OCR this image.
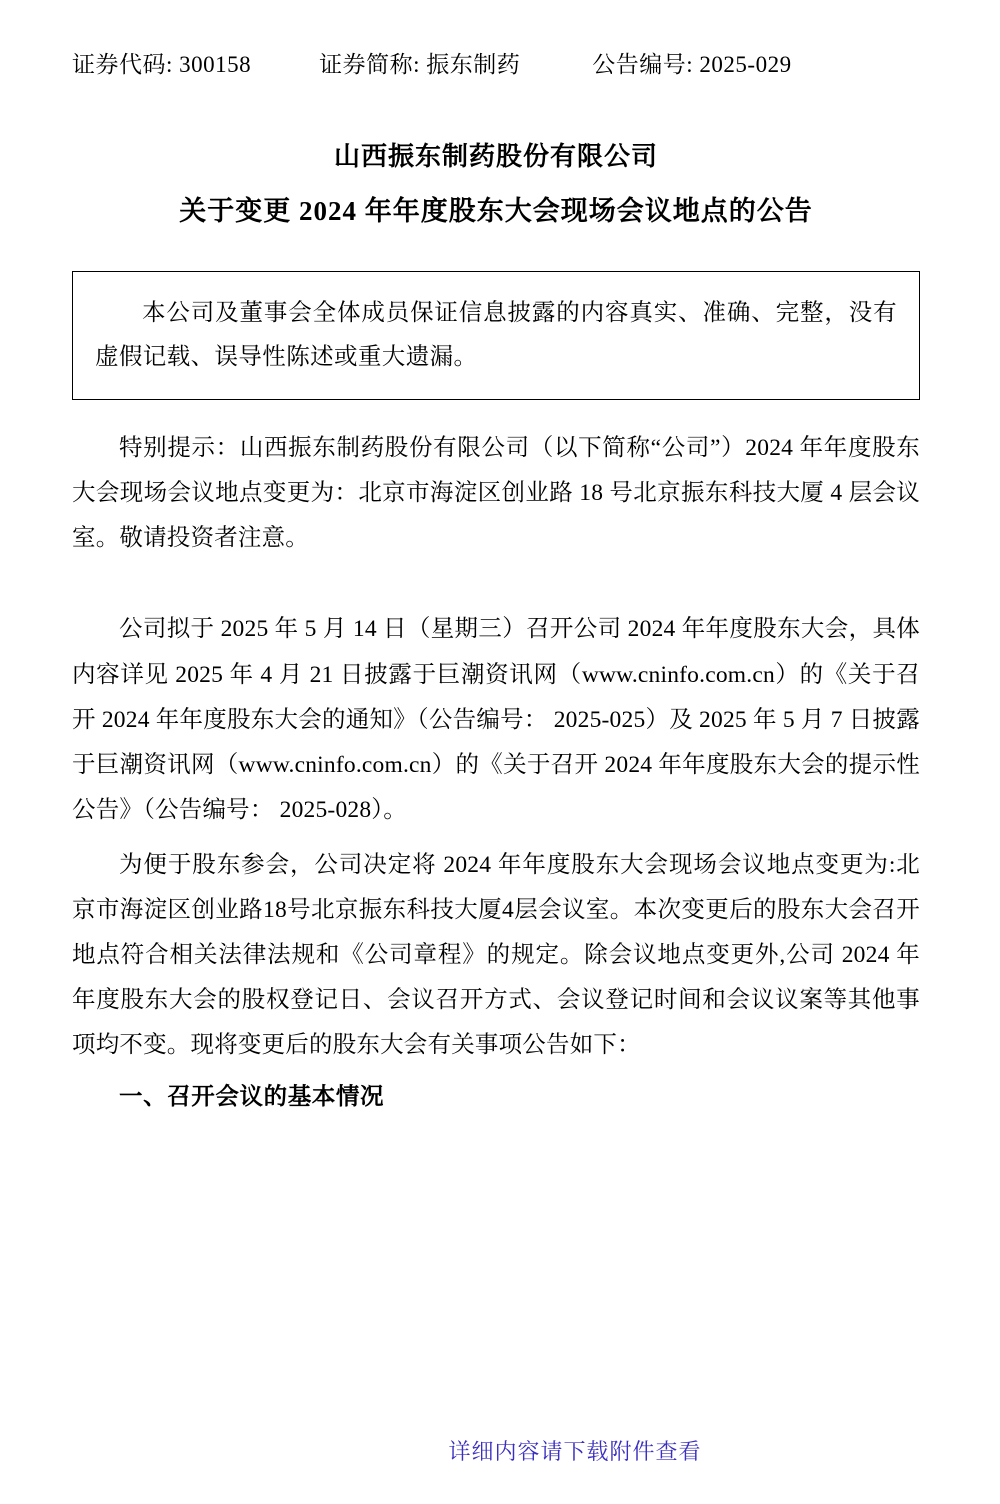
证券代码: 300158	证券简称: 振东制药	公告编号: 2025-029
山西振东制药股份有限公司
关于变更 2024 年年度股东大会现场会议地点的公告

本公司及董事会全体成员保证信息披露的内容真实、准确、完整，没有虚假记载、误导性陈述或重大遗漏。

特别提示：山西振东制药股份有限公司（以下简称“公司”）2024 年年度股东大会现场会议地点变更为：北京市海淀区创业路 18 号北京振东科技大厦 4 层会议室。敬请投资者注意。

公司拟于 2025 年 5 月 14 日（星期三）召开公司 2024 年年度股东大会，具体内容详见 2025 年 4 月 21 日披露于巨潮资讯网（www.cninfo.com.cn）的《关于召开 2024 年年度股东大会的通知》（公告编号： 2025-025）及 2025 年 5 月 7 日披露于巨潮资讯网（www.cninfo.com.cn）的《关于召开 2024 年年度股东大会的提示性公告》（公告编号： 2025-028）。

为便于股东参会，公司决定将 2024 年年度股东大会现场会议地点变更为:北京市海淀区创业路18号北京振东科技大厦4层会议室。本次变更后的股东大会召开地点符合相关法律法规和《公司章程》的规定。除会议地点变更外,公司 2024 年年度股东大会的股权登记日、会议召开方式、会议登记时间和会议议案等其他事项均不变。现将变更后的股东大会有关事项公告如下：

一、召开会议的基本情况
详细内容请下载附件查看
